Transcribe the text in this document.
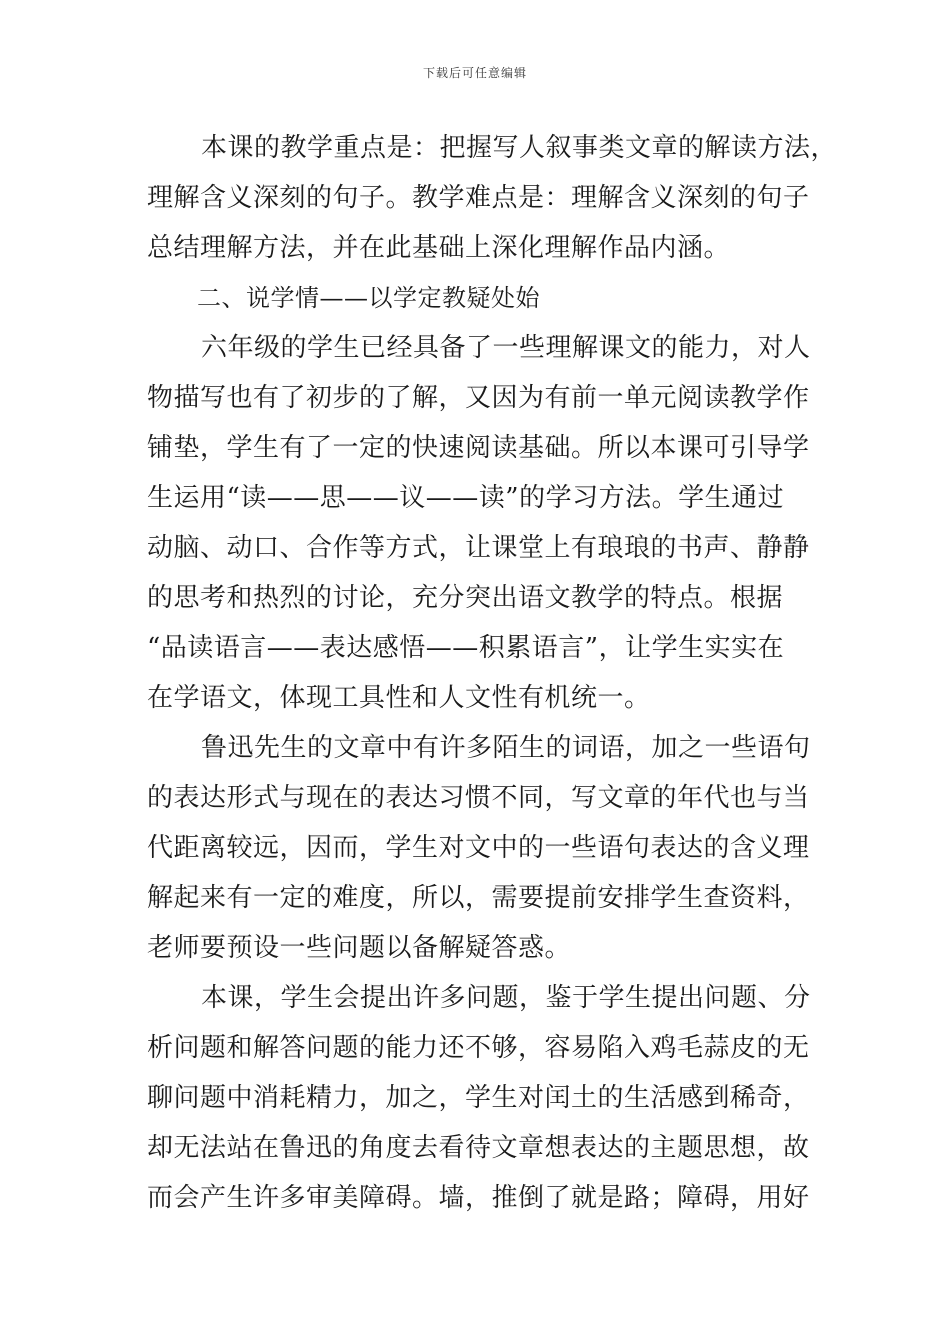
下载后可任意编辑
本课的教学重点是：把握写人叙事类文章的解读方法，
理解含义深刻的句子。教学难点是：理解含义深刻的句子
总结理解方法，并在此基础上深化理解作品内涵。
二、说学情——以学定教疑处始
六年级的学生已经具备了一些理解课文的能力，对人
物描写也有了初步的了解，又因为有前一单元阅读教学作
铺垫，学生有了一定的快速阅读基础。所以本课可引导学
生运用“读——思——议——读”的学习方法。学生通过
动脑、动口、合作等方式，让课堂上有琅琅的书声、静静
的思考和热烈的讨论，充分突出语文教学的特点。根据
“品读语言——表达感悟——积累语言”，让学生实实在
在学语文，体现工具性和人文性有机统一。
鲁迅先生的文章中有许多陌生的词语，加之一些语句
的表达形式与现在的表达习惯不同，写文章的年代也与当
代距离较远，因而，学生对文中的一些语句表达的含义理
解起来有一定的难度，所以，需要提前安排学生查资料，
老师要预设一些问题以备解疑答惑。
本课，学生会提出许多问题，鉴于学生提出问题、分
析问题和解答问题的能力还不够，容易陷入鸡毛蒜皮的无
聊问题中消耗精力，加之，学生对闰土的生活感到稀奇，
却无法站在鲁迅的角度去看待文章想表达的主题思想，故
而会产生许多审美障碍。墙，推倒了就是路；障碍，用好
